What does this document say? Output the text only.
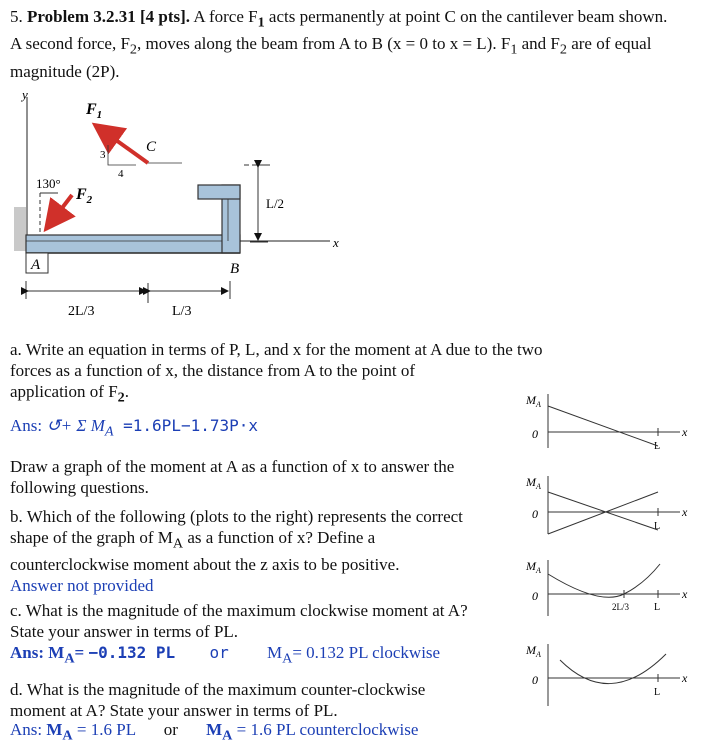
5. Problem 3.2.31 [4 pts]. A force $F_1$ acts permanently at point C on the cantilever beam shown.
A second force, $F_2$, moves along the beam from A to B (x = 0 to x = L). $F_1$ and $F_2$ are of equal
magnitude (2P).
y
x
L/2
$F_1$
3
4
C
$F_2$
130°
A	B
2L/3	L/3
a. Write an equation in terms of P, L, and x for the moment at A due to the two
forces as a function of x, the distance from A to the point of
application of $F_2$.
Ans: ↺+ Σ $M_A =1.6PL-1.73P\cdot x$
Draw a graph of the moment at A as a function of x to answer the
following questions.
b. Which of the following (plots to the right) represents the correct
shape of the graph of $M_A$ as a function of x? Define a
counterclockwise moment about the z axis to be positive.
Answer not provided
c. What is the magnitude of the maximum clockwise moment at A?
State your answer in terms of PL.
Ans: $M_A= -0.132$ PL or $M_A= 0.132$ PL clockwise
d. What is the magnitude of the maximum counter-clockwise
moment at A? State your answer in terms of PL.
Ans: $M_A = 1.6$ PL or $M_A = 1.6$ PL counterclockwise
$M_A$
0	x
L
$M_A$
0	x
L
$M_A$
0	x
2L/3	L
$M_A$
0	x
L
